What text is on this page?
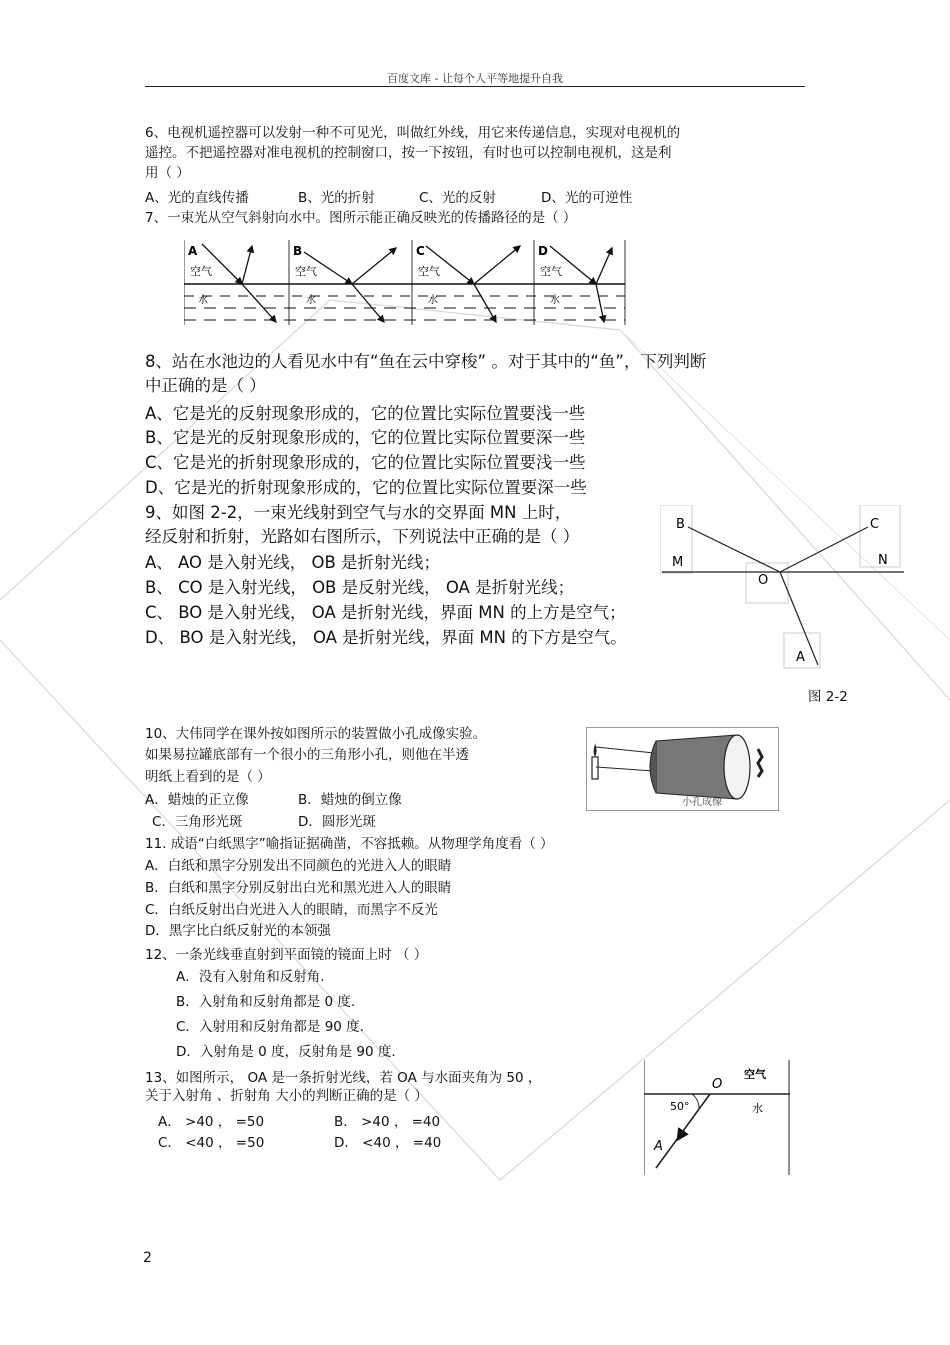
百度文库 - 让每个人平等地提升自我
6、电视机遥控器可以发射一种不可见光，叫做红外线，用它来传递信息，实现对电视机的
遥控。不把遥控器对准电视机的控制窗口，按一下按钮，有时也可以控制电视机，这是利
用（ ）
A、光的直线传播	B、光的折射	C、光的反射	D、光的可逆性
7、一束光从空气斜射向水中。图所示能正确反映光的传播路径的是（ ）
A
空气
水
B
空气
水
C
空气
水
D
空气
水
8、站在水池边的人看见水中有“鱼在云中穿梭” 。对于其中的“鱼”，下列判断
中正确的是（ ）
A、它是光的反射现象形成的，它的位置比实际位置要浅一些
B、它是光的反射现象形成的，它的位置比实际位置要深一些
C、它是光的折射现象形成的，它的位置比实际位置要浅一些
D、它是光的折射现象形成的，它的位置比实际位置要深一些
9、如图 2-2，一束光线射到空气与水的交界面 MN 上时，
经反射和折射，光路如右图所示，下列说法中正确的是（ ）
A、 AO 是入射光线， OB 是折射光线；
B、 CO 是入射光线， OB 是反射光线， OA 是折射光线；
C、 BO 是入射光线， OA 是折射光线，界面 MN 的上方是空气；
D、 BO 是入射光线， OA 是折射光线，界面 MN 的下方是空气。
B	C
M	N
O
A
图 2-2
10、大伟同学在课外按如图所示的装置做小孔成像实验。
如果易拉罐底部有一个很小的三角形小孔，则他在半透
明纸上看到的是（ ）
A．蜡烛的正立像	B．蜡烛的倒立像
C．三角形光斑	D．圆形光斑
小孔成像
11. 成语“白纸黑字”喻指证据确凿，不容抵赖。从物理学角度看（ ）
A．白纸和黑字分别发出不同颜色的光进入人的眼睛
B．白纸和黑字分别反射出白光和黑光进入人的眼睛
C．白纸反射出白光进入人的眼睛，而黑字不反光
D．黑字比白纸反射光的本领强
12、一条光线垂直射到平面镜的镜面上时 （ ）
A．没有入射角和反射角.
B．入射角和反射角都是 0 度.
C．入射用和反射角都是 90 度.
D．入射角是 0 度，反射角是 90 度.
13、如图所示， OA 是一条折射光线，若 OA 与水面夹角为 50 ，
关于入射角 、折射角 大小的判断正确的是（ ）
A． >40 ， =50	B． >40 ， =40
C． <40 ， =50	D． <40 ， =40
O
空气
水
50°
A
2
